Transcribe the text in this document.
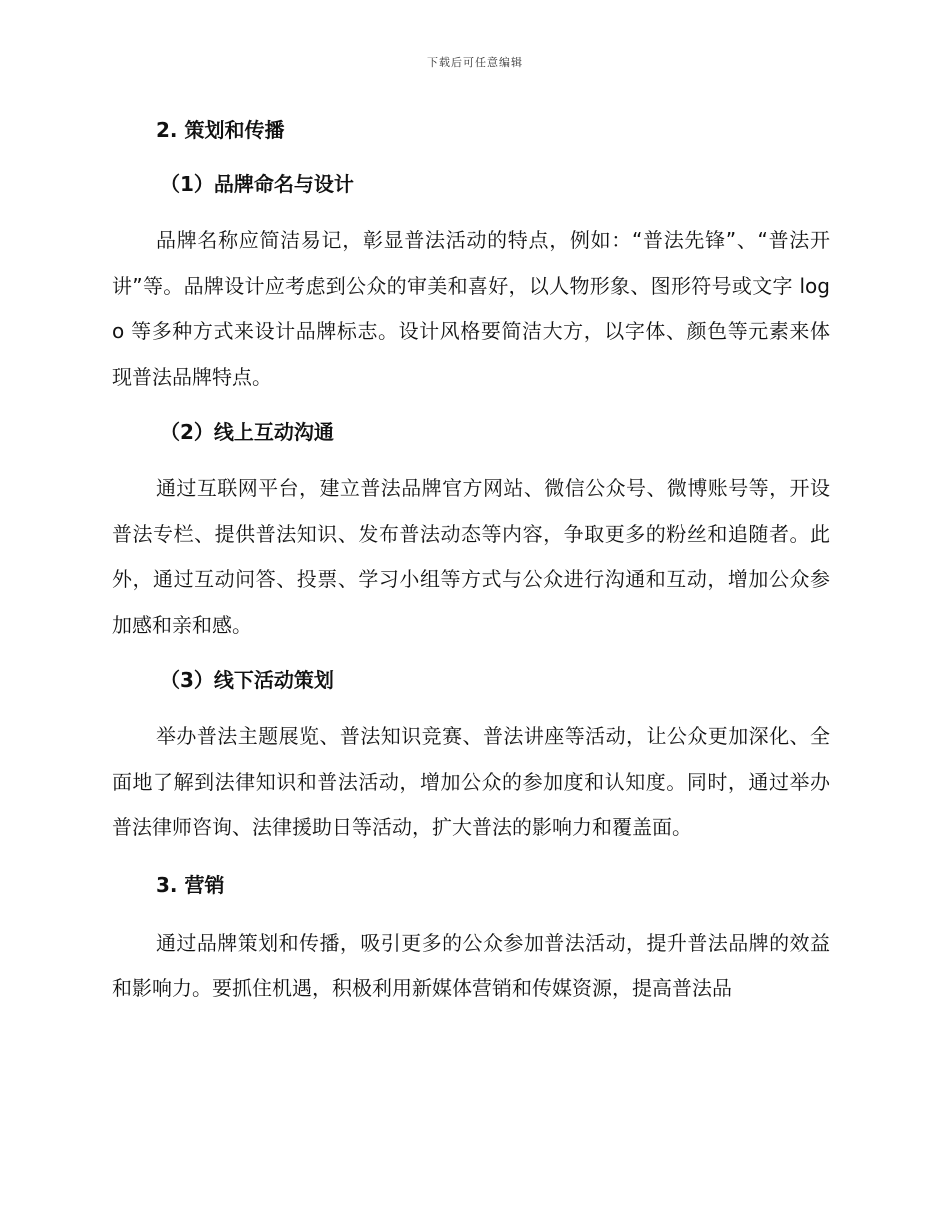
下载后可任意编辑
2. 策划和传播
（1）品牌命名与设计

品牌名称应简洁易记，彰显普法活动的特点，例如：“普法先锋”、“普法开讲”等。品牌设计应考虑到公众的审美和喜好，以人物形象、图形符号或文字 logo 等多种方式来设计品牌标志。设计风格要简洁大方，以字体、颜色等元素来体现普法品牌特点。

（2）线上互动沟通

通过互联网平台，建立普法品牌官方网站、微信公众号、微博账号等，开设普法专栏、提供普法知识、发布普法动态等内容，争取更多的粉丝和追随者。此外，通过互动问答、投票、学习小组等方式与公众进行沟通和互动，增加公众参加感和亲和感。

（3）线下活动策划

举办普法主题展览、普法知识竞赛、普法讲座等活动，让公众更加深化、全面地了解到法律知识和普法活动，增加公众的参加度和认知度。同时，通过举办普法律师咨询、法律援助日等活动，扩大普法的影响力和覆盖面。

3. 营销

通过品牌策划和传播，吸引更多的公众参加普法活动，提升普法品牌的效益和影响力。要抓住机遇，积极利用新媒体营销和传媒资源，提高普法品
